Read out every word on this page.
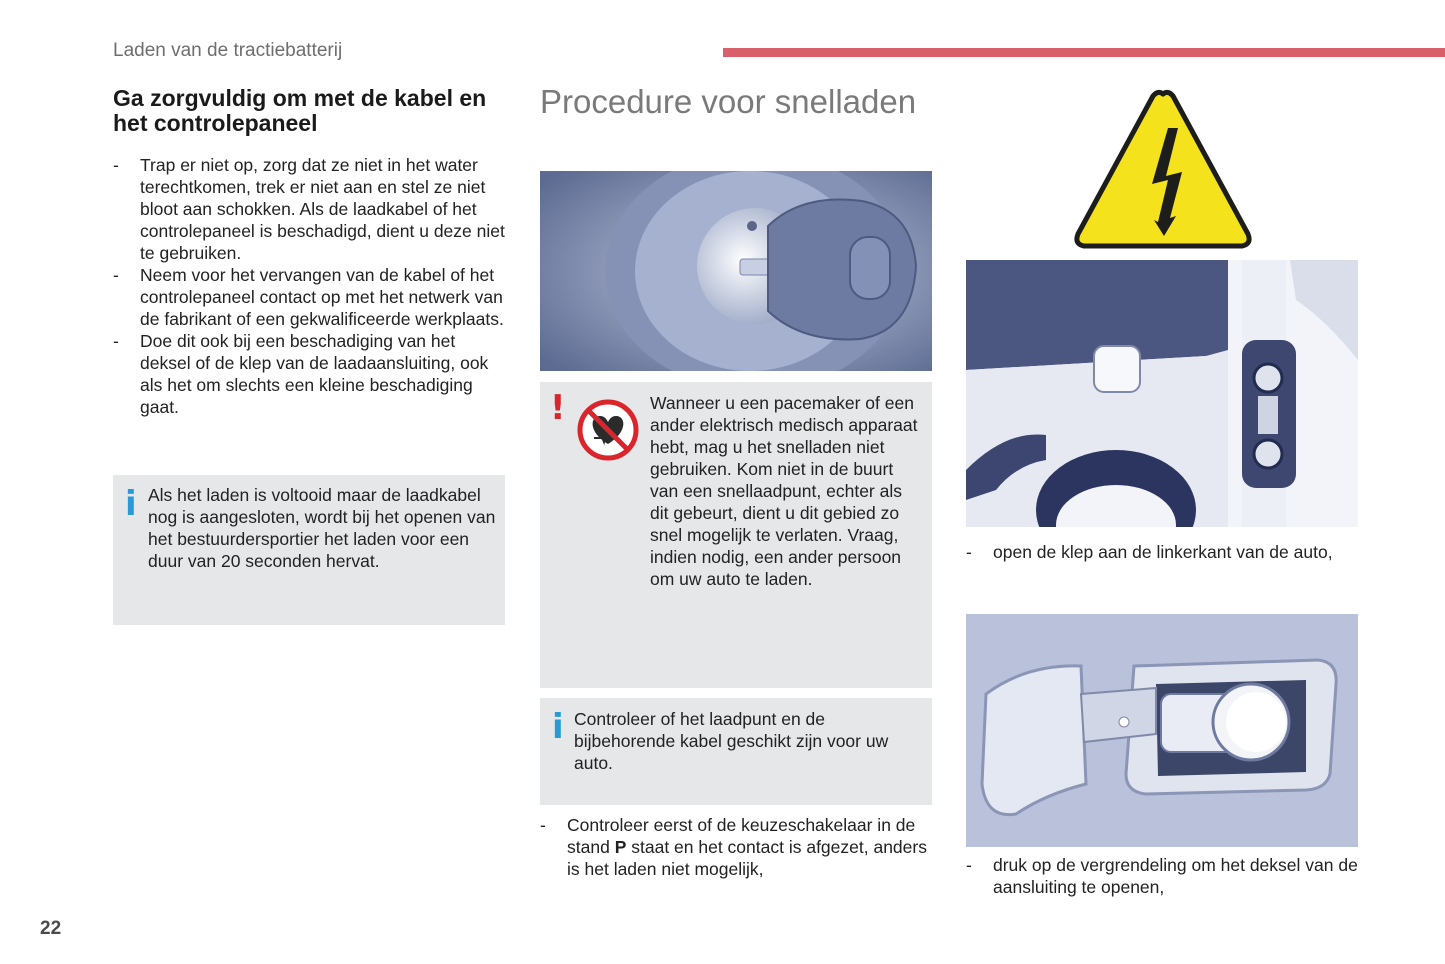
Laden van de tractiebatterij
Ga zorgvuldig om met de kabel en het controlepaneel
- Trap er niet op, zorg dat ze niet in het water terechtkomen, trek er niet aan en stel ze niet bloot aan schokken. Als de laadkabel of het controlepaneel is beschadigd, dient u deze niet te gebruiken.
- Neem voor het vervangen van de kabel of het controlepaneel contact op met het netwerk van de fabrikant of een gekwalificeerde werkplaats.
- Doe dit ook bij een beschadiging van het deksel of de klep van de laadaansluiting, ook als het om slechts een kleine beschadiging gaat.
i Als het laden is voltooid maar de laadkabel nog is aangesloten, wordt bij het openen van het bestuurdersportier het laden voor een duur van 20 seconden hervat.
Procedure voor snelladen
!	Wanneer u een pacemaker of een ander elektrisch medisch apparaat hebt, mag u het snelladen niet gebruiken. Kom niet in de buurt van een snellaadpunt, echter als dit gebeurt, dient u dit gebied zo snel mogelijk te verlaten. Vraag, indien nodig, een ander persoon om uw auto te laden.
i Controleer of het laadpunt en de bijbehorende kabel geschikt zijn voor uw auto.
- Controleer eerst of de keuzeschakelaar in de stand P staat en het contact is afgezet, anders is het laden niet mogelijk,
- open de klep aan de linkerkant van de auto,
- druk op de vergrendeling om het deksel van de aansluiting te openen,
22
